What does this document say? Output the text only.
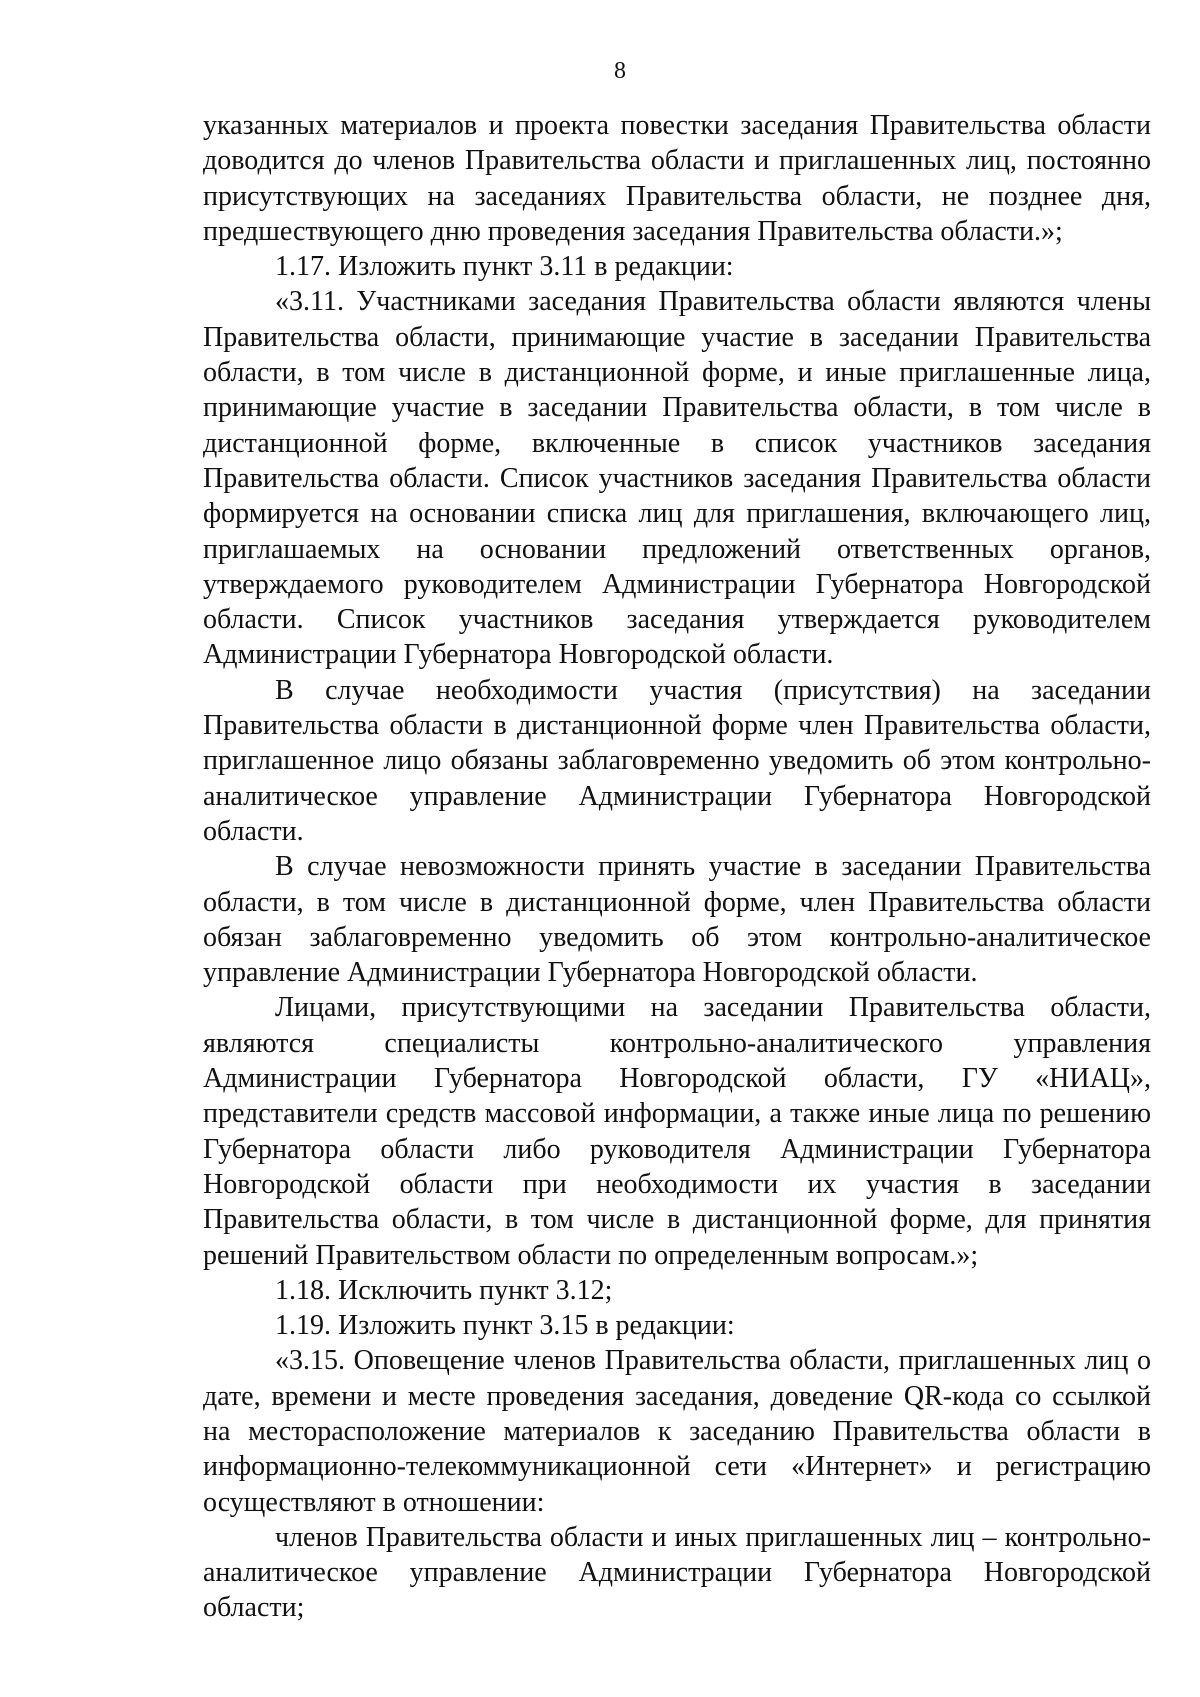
8

указанных материалов и проекта повестки заседания Правительства области доводится до членов Правительства области и приглашенных лиц, постоянно присутствующих на заседаниях Правительства области, не позднее дня, предшествующего дню проведения заседания Правительства области.»;

1.17. Изложить пункт 3.11 в редакции:

«3.11. Участниками заседания Правительства области являются члены Правительства области, принимающие участие в заседании Правительства области, в том числе в дистанционной форме, и иные приглашенные лица, принимающие участие в заседании Правительства области, в том числе в дистанционной форме, включенные в список участников заседания Правительства области. Список участников заседания Правительства области формируется на основании списка лиц для приглашения, включающего лиц, приглашаемых на основании предложений ответственных органов, утверждаемого руководителем Администрации Губернатора Новгородской области. Список участников заседания утверждается руководителем Администрации Губернатора Новгородской области.

В случае необходимости участия (присутствия) на заседании Правительства области в дистанционной форме член Правительства области, приглашенное лицо обязаны заблаговременно уведомить об этом контрольно-аналитическое управление Администрации Губернатора Новгородской области.

В случае невозможности принять участие в заседании Правительства области, в том числе в дистанционной форме, член Правительства области обязан заблаговременно уведомить об этом контрольно-аналитическое управление Администрации Губернатора Новгородской области.

Лицами, присутствующими на заседании Правительства области, являются специалисты контрольно-аналитического управления Администрации Губернатора Новгородской области, ГУ «НИАЦ», представители средств массовой информации, а также иные лица по решению Губернатора области либо руководителя Администрации Губернатора Новгородской области при необходимости их участия в заседании Правительства области, в том числе в дистанционной форме, для принятия решений Правительством области по определенным вопросам.»;

1.18. Исключить пункт 3.12;

1.19. Изложить пункт 3.15 в редакции:

«3.15. Оповещение членов Правительства области, приглашенных лиц о дате, времени и месте проведения заседания, доведение QR-кода со ссылкой на месторасположение материалов к заседанию Правительства области в информационно-телекоммуникационной сети «Интернет» и регистрацию осуществляют в отношении:

членов Правительства области и иных приглашенных лиц – контрольно-аналитическое управление Администрации Губернатора Новгородской области;
